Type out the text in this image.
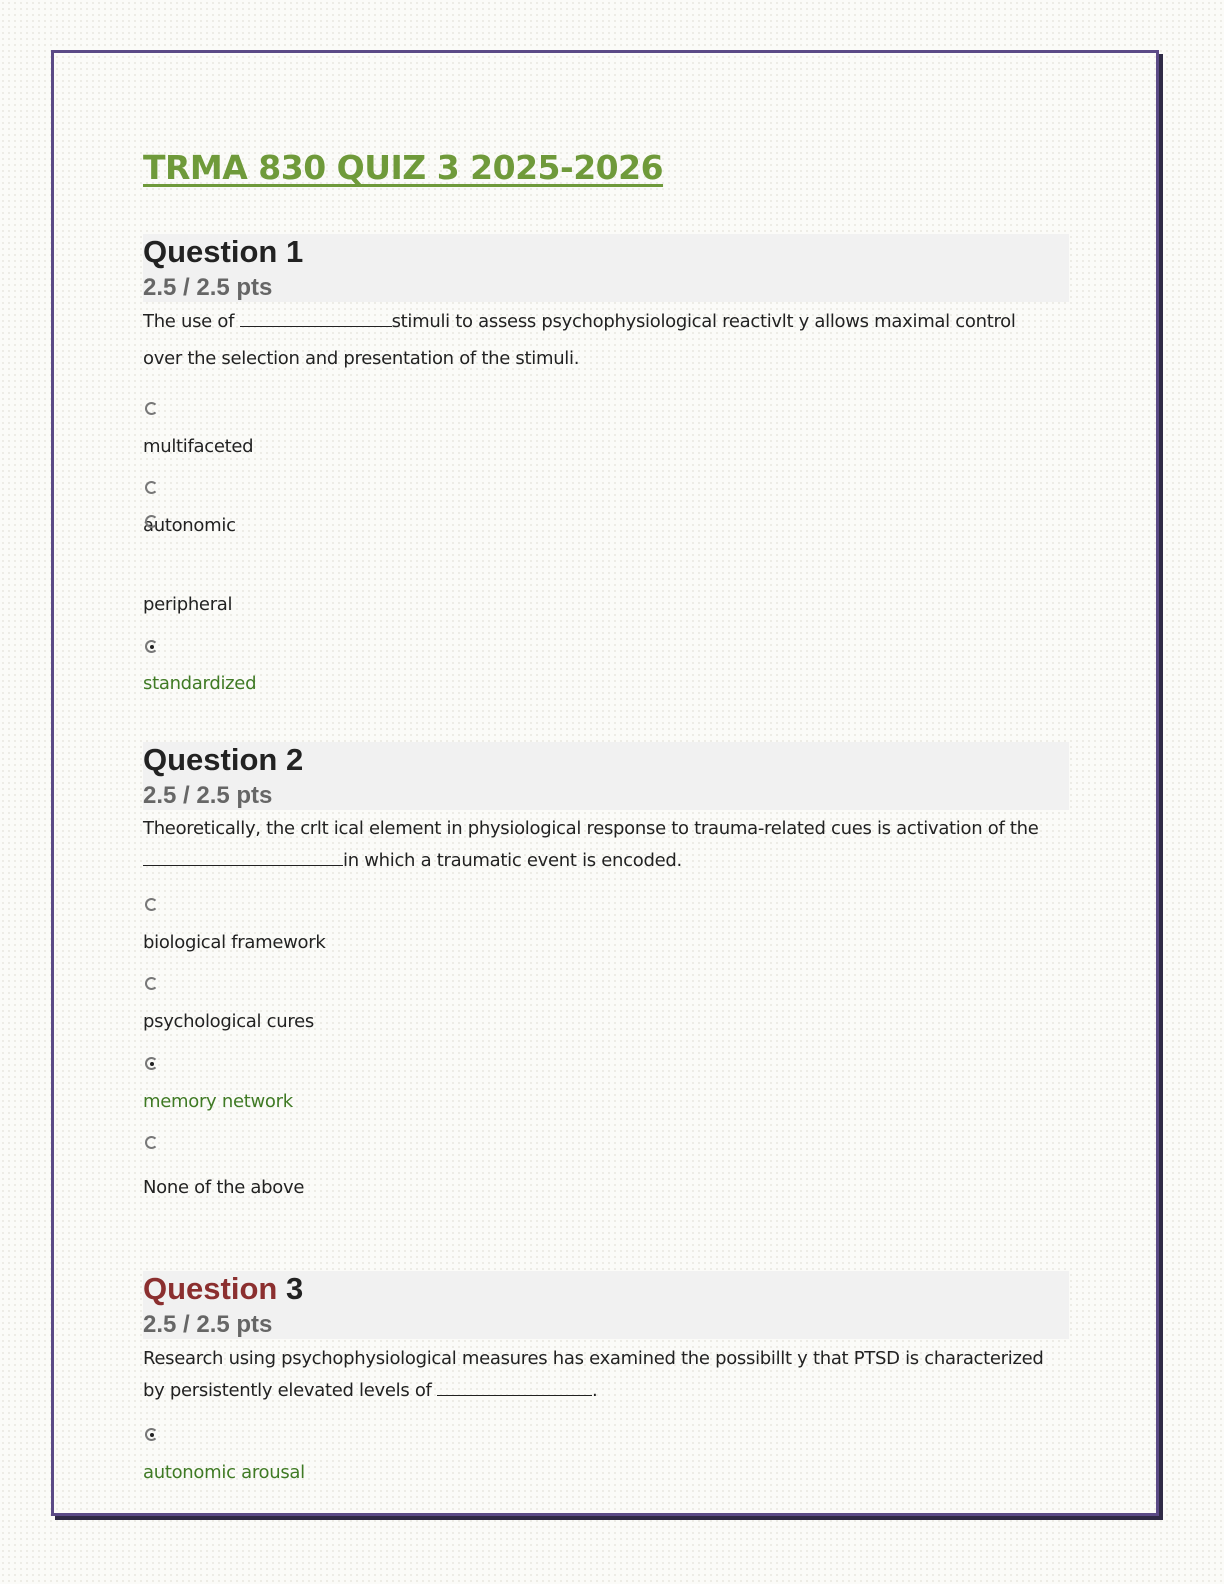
TRMA 830 QUIZ 3 2025-2026
Question 1
2.5 / 2.5 pts

The use of	stimuli to assess psychophysiological reactivlt y allows maximal control

over the selection and presentation of the stimuli.

multifaceted
autonomic
peripheral
standardized
Question 2
2.5 / 2.5 pts

Theoretically, the crlt ical element in physiological response to trauma-related cues is activation of the

in which a traumatic event is encoded.

biological framework
psychological cures
memory network
None of the above
Question 3
2.5 / 2.5 pts

Research using psychophysiological measures has examined the possibillt y that PTSD is characterized

by persistently elevated levels of	.

autonomic arousal
